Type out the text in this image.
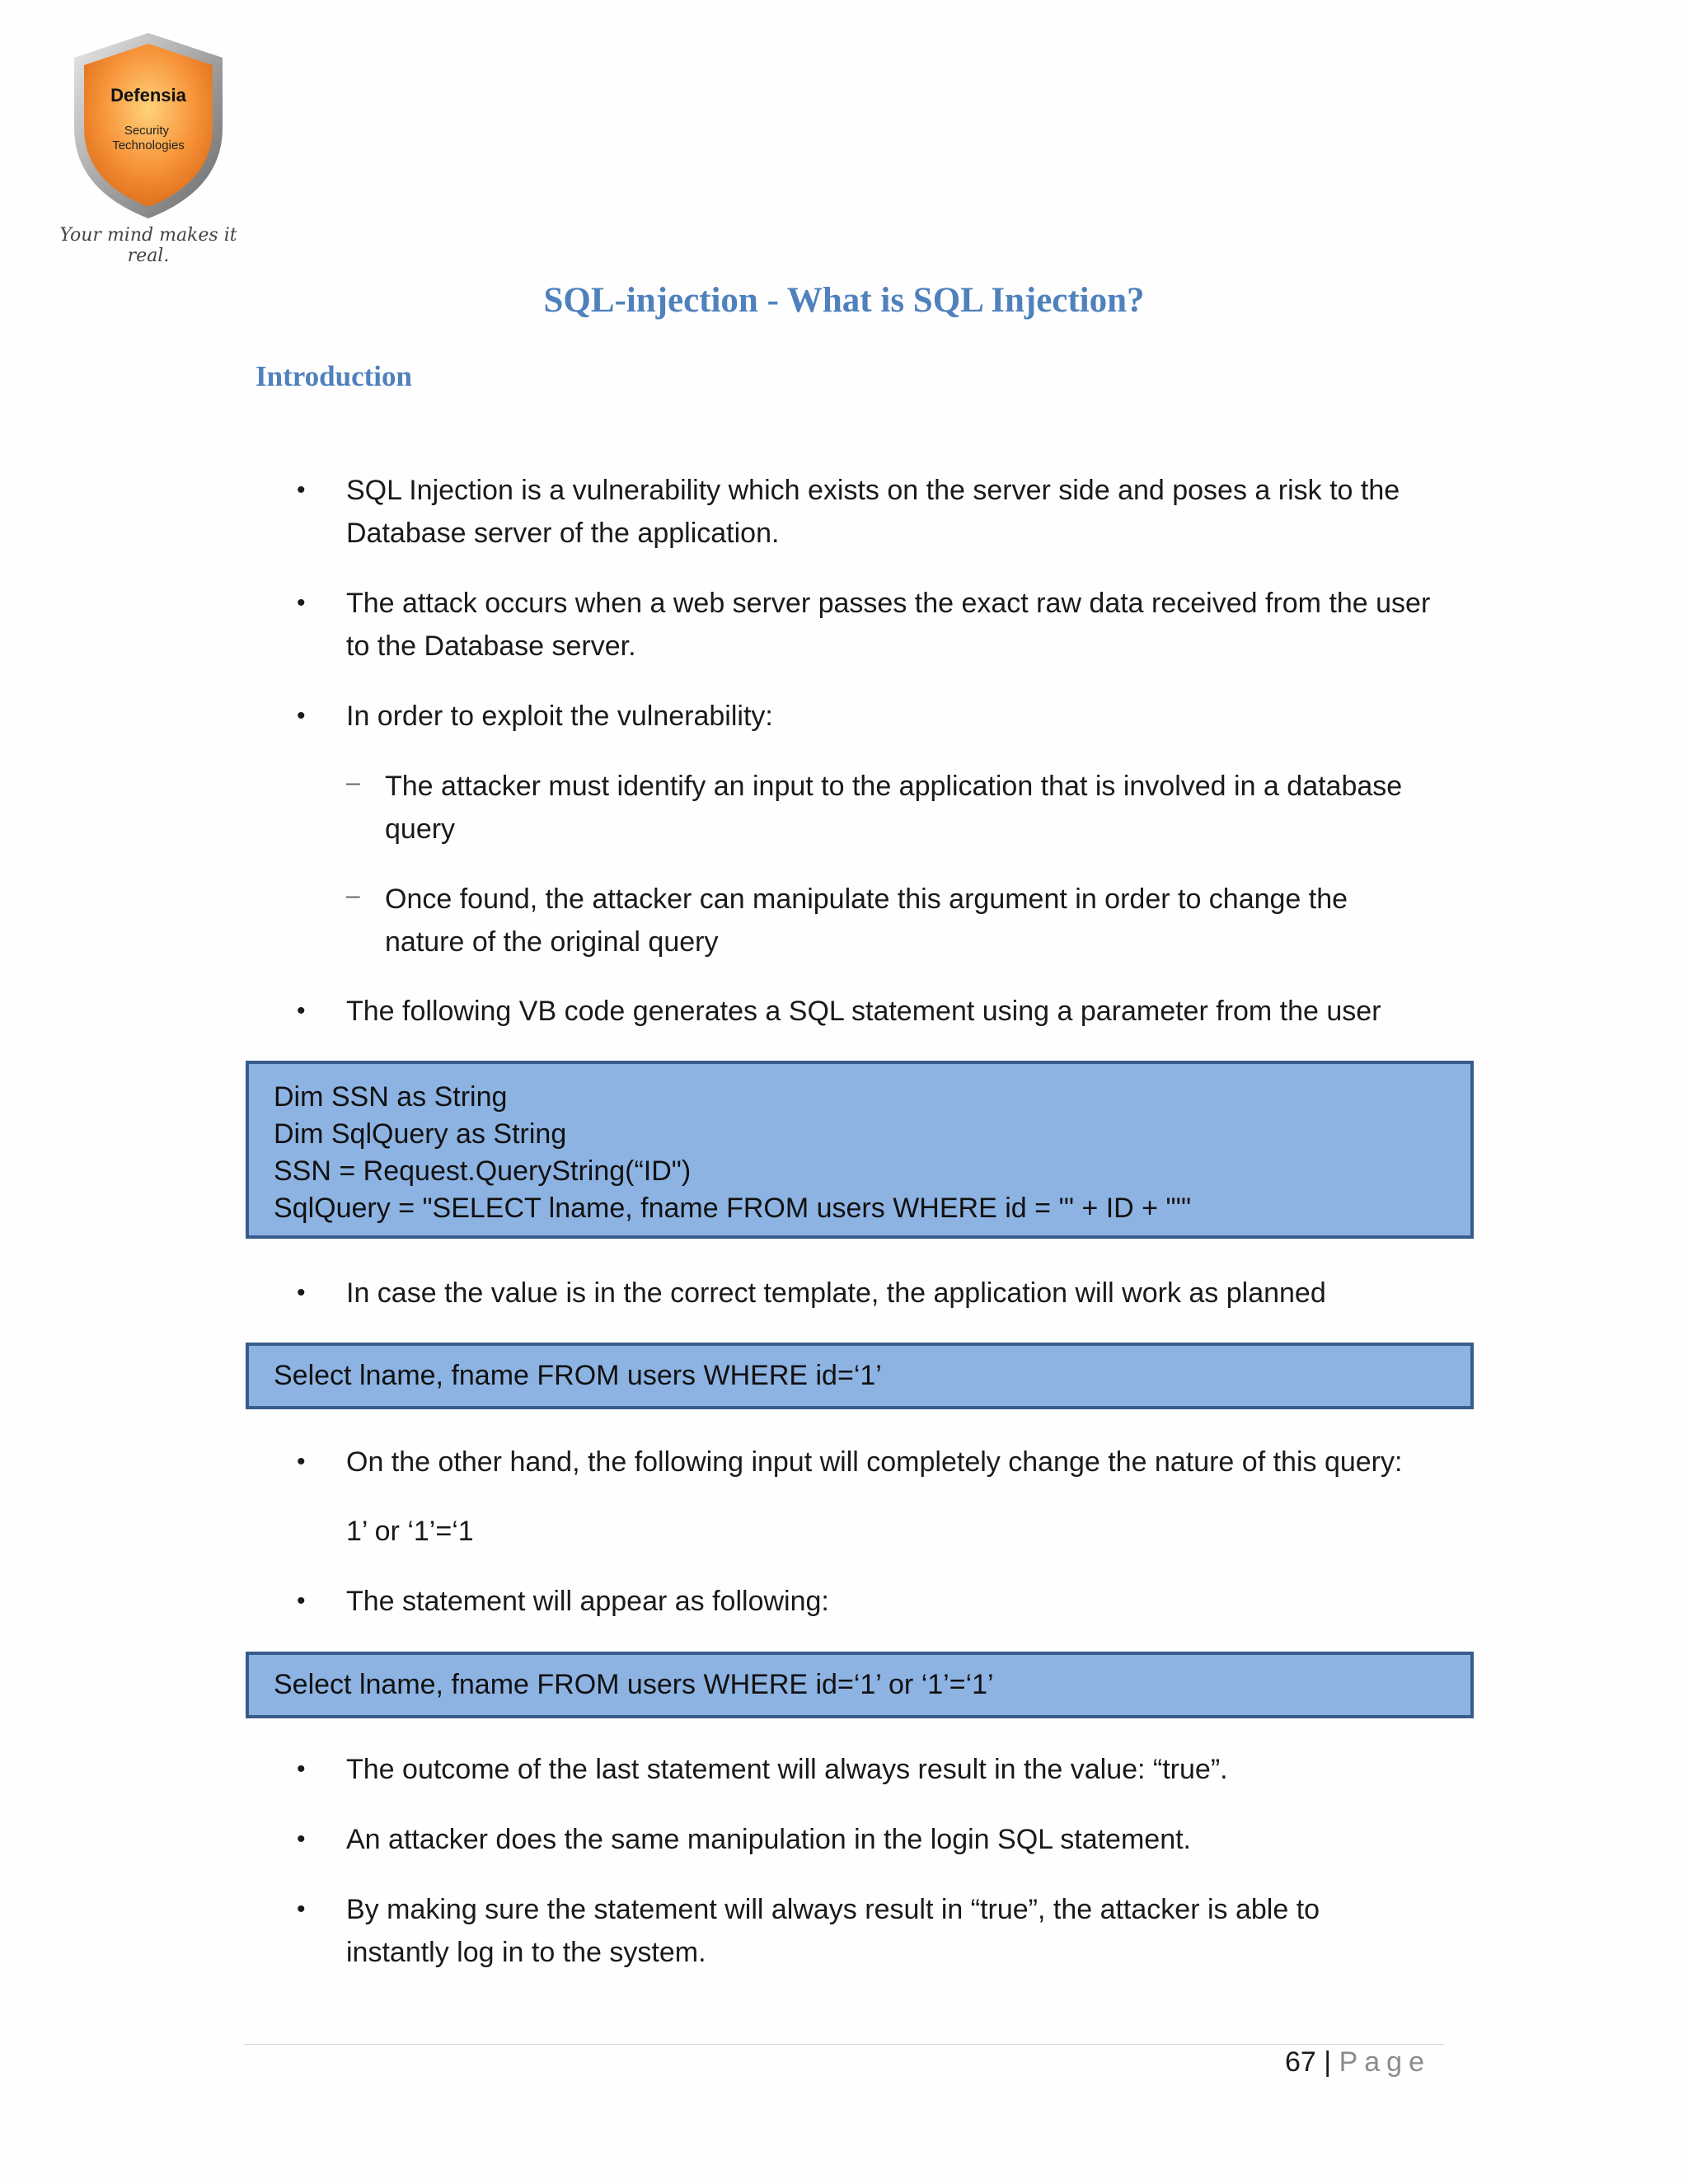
Defensia
Security Technologies
Your mind makes it real.
SQL-injection - What is SQL Injection?
Introduction
• SQL Injection is a vulnerability which exists on the server side and poses a risk to the
Database server of the application.
• The attack occurs when a web server passes the exact raw data received from the user
to the Database server.
• In order to exploit the vulnerability:
– The attacker must identify an input to the application that is involved in a database
query
– Once found, the attacker can manipulate this argument in order to change the
nature of the original query
• The following VB code generates a SQL statement using a parameter from the user
Dim SSN as String
Dim SqlQuery as String
SSN = Request.QueryString(“ID")
SqlQuery = "SELECT lname, fname FROM users WHERE id = '" + ID + "'"
• In case the value is in the correct template, the application will work as planned
Select lname, fname FROM users WHERE id=‘1’
• On the other hand, the following input will completely change the nature of this query:
1’ or ‘1’=‘1
• The statement will appear as following:
Select lname, fname FROM users WHERE id=‘1’ or ‘1’=‘1’
• The outcome of the last statement will always result in the value: “true”.
• An attacker does the same manipulation in the login SQL statement.
• By making sure the statement will always result in “true”, the attacker is able to
instantly log in to the system.
67 | Page
